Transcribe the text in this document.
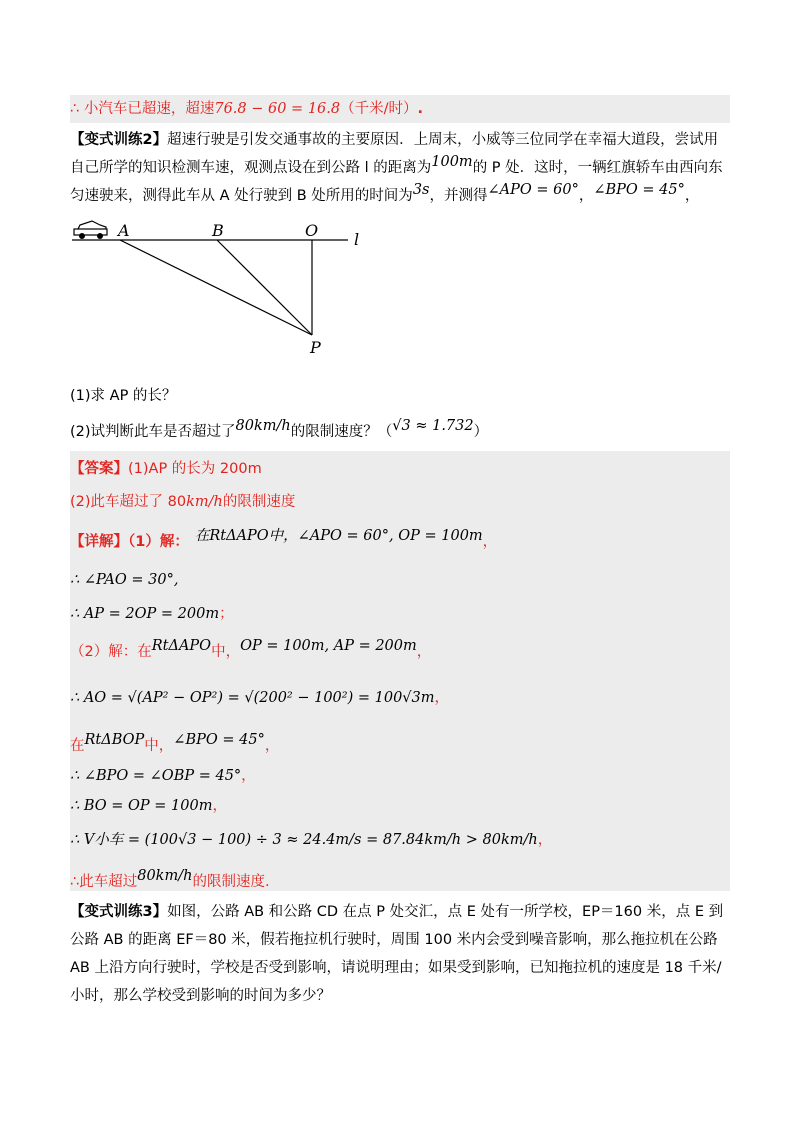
∴ 小汽车已超速，超速76.8 − 60 = 16.8（千米/时）.
【变式训练2】超速行驶是引发交通事故的主要原因．上周末，小威等三位同学在幸福大道段，尝试用自己所学的知识检测车速，观测点设在到公路 l 的距离为100m的 P 处．这时，一辆红旗轿车由西向东匀速驶来，测得此车从 A 处行驶到 B 处所用的时间为3s，并测得∠APO = 60°，∠BPO = 45°，
A	B	O l
P
(1)求 AP 的长？
(2)试判断此车是否超过了80km/h的限制速度？（√3 ≈ 1.732）
【答案】(1)AP 的长为 200m
(2)此车超过了 80km/h的限制速度
【详解】（1）解： 在RtΔAPO中，∠APO = 60°, OP = 100m，
∴ ∠PAO = 30°,
∴ AP = 2OP = 200m；
（2）解：在RtΔAPO中，OP = 100m, AP = 200m，
∴ AO = √(AP² − OP²) = √(200² − 100²) = 100√3m，
在RtΔBOP中，∠BPO = 45°，
∴ ∠BPO = ∠OBP = 45°，
∴ BO = OP = 100m，
∴ V小车 = (100√3 − 100) ÷ 3 ≈ 24.4m/s = 87.84km/h > 80km/h，
∴此车超过80km/h的限制速度.
【变式训练3】如图，公路 AB 和公路 CD 在点 P 处交汇，点 E 处有一所学校，EP＝160 米，点 E 到公路 AB 的距离 EF＝80 米，假若拖拉机行驶时，周围 100 米内会受到噪音影响，那么拖拉机在公路 AB 上沿方向行驶时，学校是否受到影响，请说明理由；如果受到影响，已知拖拉机的速度是 18 千米/小时，那么学校受到影响的时间为多少？
